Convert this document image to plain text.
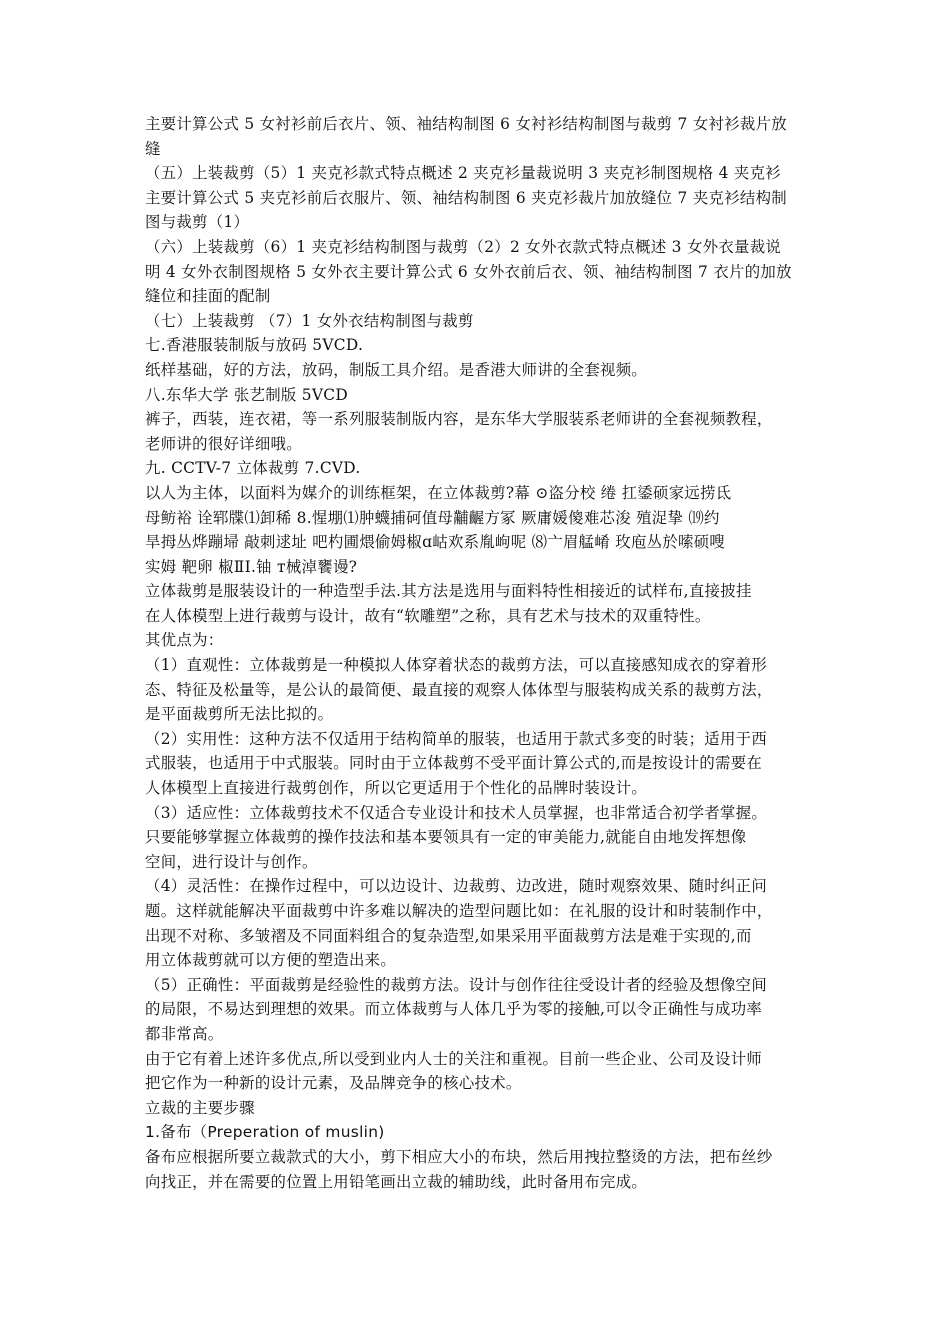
主要计算公式 5 女衬衫前后衣片、领、袖结构制图 6 女衬衫结构制图与裁剪 7 女衬衫裁片放
缝
（五）上装裁剪（5）1 夹克衫款式特点概述 2 夹克衫量裁说明 3 夹克衫制图规格 4 夹克衫
主要计算公式 5 夹克衫前后衣服片、领、袖结构制图 6 夹克衫裁片加放缝位 7 夹克衫结构制
图与裁剪（1）
（六）上装裁剪（6）1 夹克衫结构制图与裁剪（2）2 女外衣款式特点概述 3 女外衣量裁说
明 4 女外衣制图规格 5 女外衣主要计算公式 6 女外衣前后衣、领、袖结构制图 7 衣片的加放
缝位和挂面的配制
（七）上装裁剪 （7）1 女外衣结构制图与裁剪
七.香港服装制版与放码 5VCD.
纸样基础，好的方法，放码，制版工具介绍。是香港大师讲的全套视频。
八.东华大学 张艺制版 5VCD
裤子，西装，连衣裙，等一系列服装制版内容，是东华大学服装系老师讲的全套视频教程，
老师讲的很好详细哦。
九. CCTV-7 立体裁剪 7.CVD.
以人为主体，以面料为媒介的训练框架，在立体裁剪?幕 ⊙盗分校 绻 扛鋈硕家远捞氐
母鲂裕 诠郓牒⑴卸稀 8.惺堋⑴肿蠛捕砢值母黼齷方冢 厥庸媛傻难芯浚 殖浞挚 ⒆约
旱拇丛烨蹦埽 敲刺逑址 吧杓圃煨偷姆椒ɑ岵欢系胤岣呢 ⑻亠眉艋崤 玫庖丛於嗦硕嗖
实姆 靶卵 椒ⅡⅠ.铀 т械淖饔谩?
立体裁剪是服装设计的一种造型手法.其方法是选用与面料特性相接近的试样布,直接披挂
在人体模型上进行裁剪与设计，故有“软雕塑”之称，具有艺术与技术的双重特性。
其优点为：
（1）直观性：立体裁剪是一种模拟人体穿着状态的裁剪方法，可以直接感知成衣的穿着形
态、特征及松量等，是公认的最简便、最直接的观察人体体型与服装构成关系的裁剪方法，
是平面裁剪所无法比拟的。
（2）实用性：这种方法不仅适用于结构简单的服装，也适用于款式多变的时装；适用于西
式服装，也适用于中式服装。同时由于立体裁剪不受平面计算公式的,而是按设计的需要在
人体模型上直接进行裁剪创作，所以它更适用于个性化的品牌时装设计。
（3）适应性：立体裁剪技术不仅适合专业设计和技术人员掌握，也非常适合初学者掌握。
只要能够掌握立体裁剪的操作技法和基本要领具有一定的审美能力,就能自由地发挥想像
空间，进行设计与创作。
（4）灵活性：在操作过程中，可以边设计、边裁剪、边改进，随时观察效果、随时纠正问
题。这样就能解决平面裁剪中许多难以解决的造型问题比如：在礼服的设计和时装制作中，
出现不对称、多皱褶及不同面料组合的复杂造型,如果采用平面裁剪方法是难于实现的,而
用立体裁剪就可以方便的塑造出来。
（5）正确性：平面裁剪是经验性的裁剪方法。设计与创作往往受设计者的经验及想像空间
的局限，不易达到理想的效果。而立体裁剪与人体几乎为零的接触,可以令正确性与成功率
都非常高。
由于它有着上述许多优点,所以受到业内人士的关注和重视。目前一些企业、公司及设计师
把它作为一种新的设计元素，及品牌竞争的核心技术。
立裁的主要步骤
1.备布（Preperation of muslin)
备布应根据所要立裁款式的大小，剪下相应大小的布块，然后用拽拉整烫的方法，把布丝纱
向找正，并在需要的位置上用铅笔画出立裁的辅助线，此时备用布完成。
